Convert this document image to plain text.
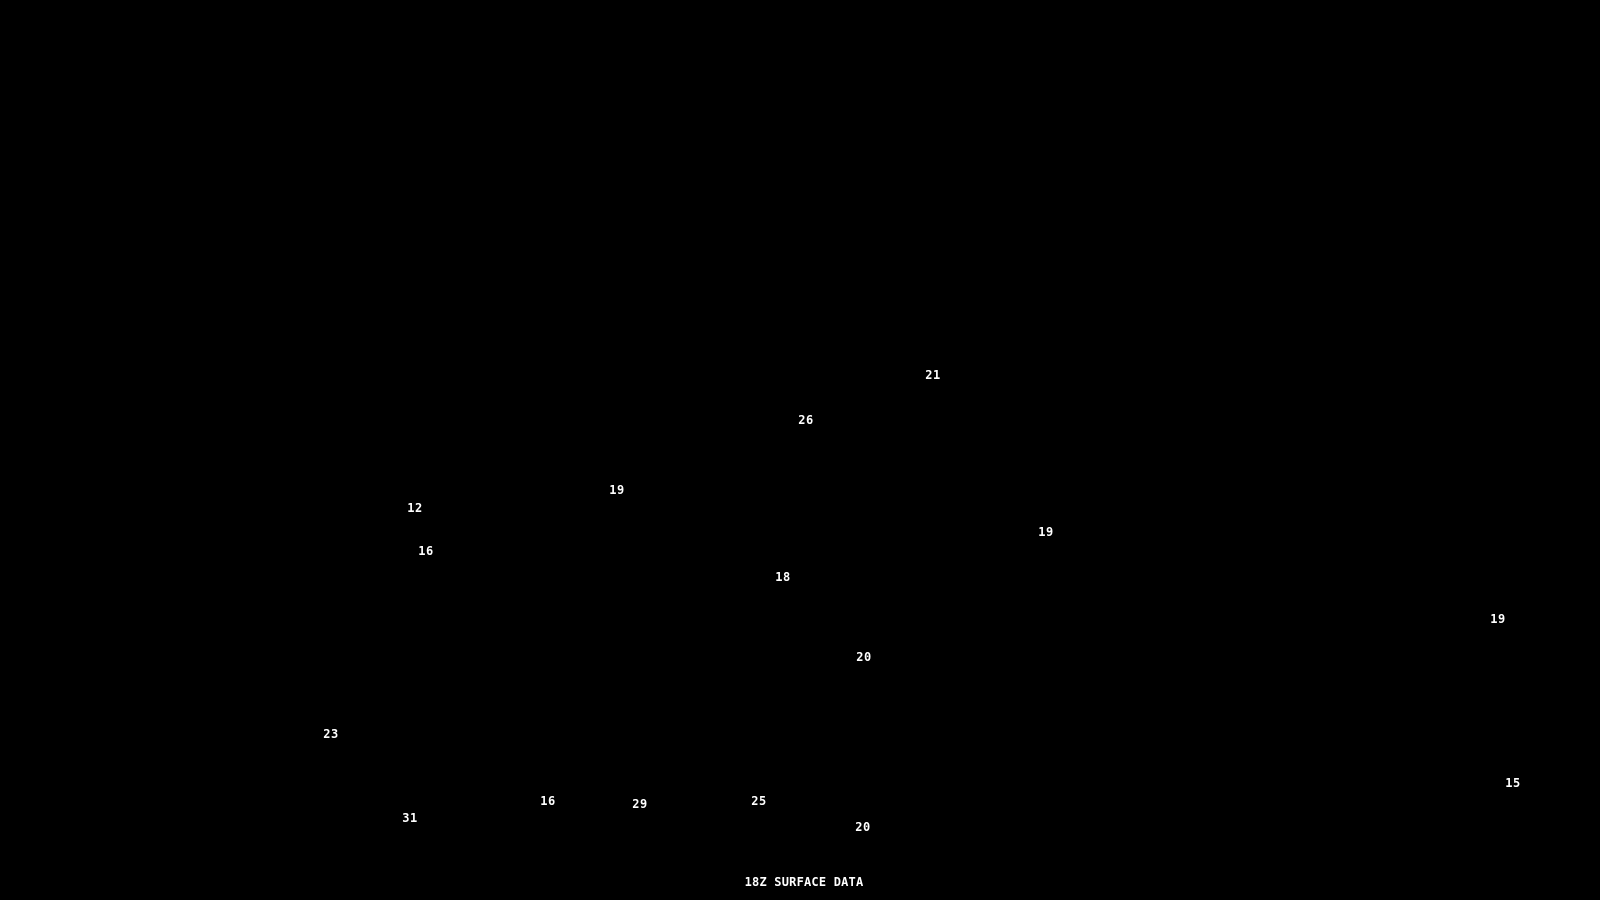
18Z SURFACE DATA
21
26
19
12
19
16
18
19
20
23
15
16	29	25
31
20
